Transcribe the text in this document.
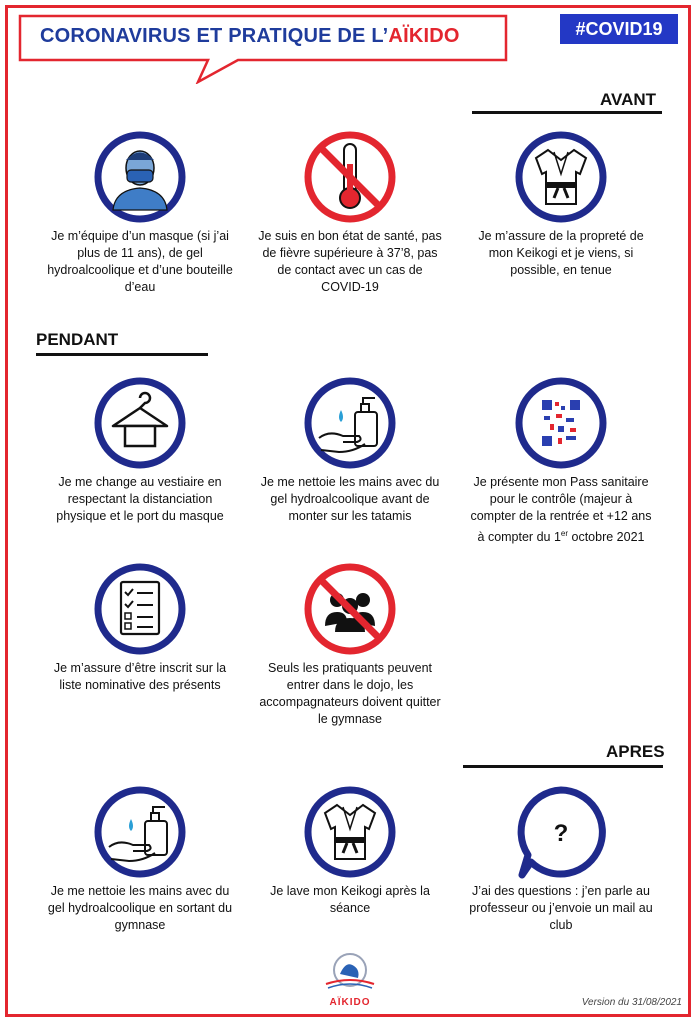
CORONAVIRUS ET PRATIQUE DE L’AÏKIDO	#COVID19
AVANT
PENDANT
APRES
Je m’équipe d’un masque (si j’ai plus de 11 ans), de gel hydroalcoolique et d’une bouteille d’eau
Je suis en bon état de santé, pas de fièvre supérieure à 37’8, pas de contact avec un cas de COVID-19
Je m’assure de la propreté de mon Keikogi et je viens, si possible, en tenue
Je me change au vestiaire en respectant la distanciation physique et le port du masque
Je me nettoie les mains avec du gel hydroalcoolique avant de monter sur les tatamis
Je présente mon Pass sanitaire pour le contrôle (majeur à compter de la rentrée et +12 ans à compter du 1er octobre 2021
Je m’assure d’être inscrit sur la liste nominative des présents
Seuls les pratiquants peuvent entrer dans le dojo, les accompagnateurs doivent quitter le gymnase
Je me nettoie les mains avec du gel hydroalcoolique en sortant du gymnase
Je lave mon Keikogi après la séance
?
J’ai des questions : j’en parle au professeur ou j’envoie un mail au club
AÏKIDO	Version du 31/08/2021
